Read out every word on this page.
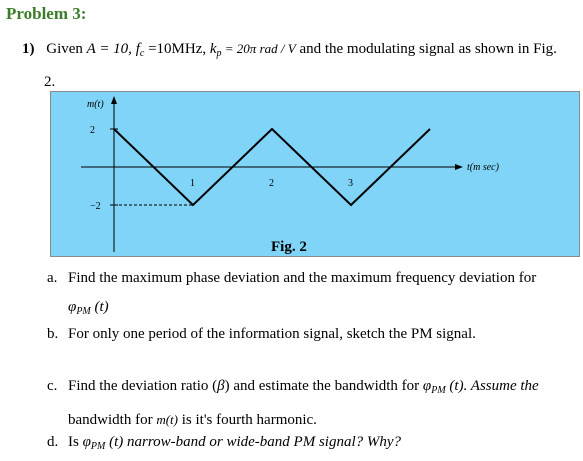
Problem 3:
1) Given A = 10, $f_c =10MHz$, $k_p = 20\pi$ rad / V and the modulating signal as shown in Fig.
2.
m(t)
t(m sec)
2
−2
1	2	3
Fig. 2
a. Find the maximum phase deviation and the maximum frequency deviation for
$\varphi_{PM}$ (t)
b. For only one period of the information signal, sketch the PM signal.
c. Find the deviation ratio (β) and estimate the bandwidth for $\varphi_{PM}$ (t). Assume the
bandwidth for m(t) is it's fourth harmonic.
d. Is $\varphi_{PM}$ (t) narrow-band or wide-band PM signal? Why?
